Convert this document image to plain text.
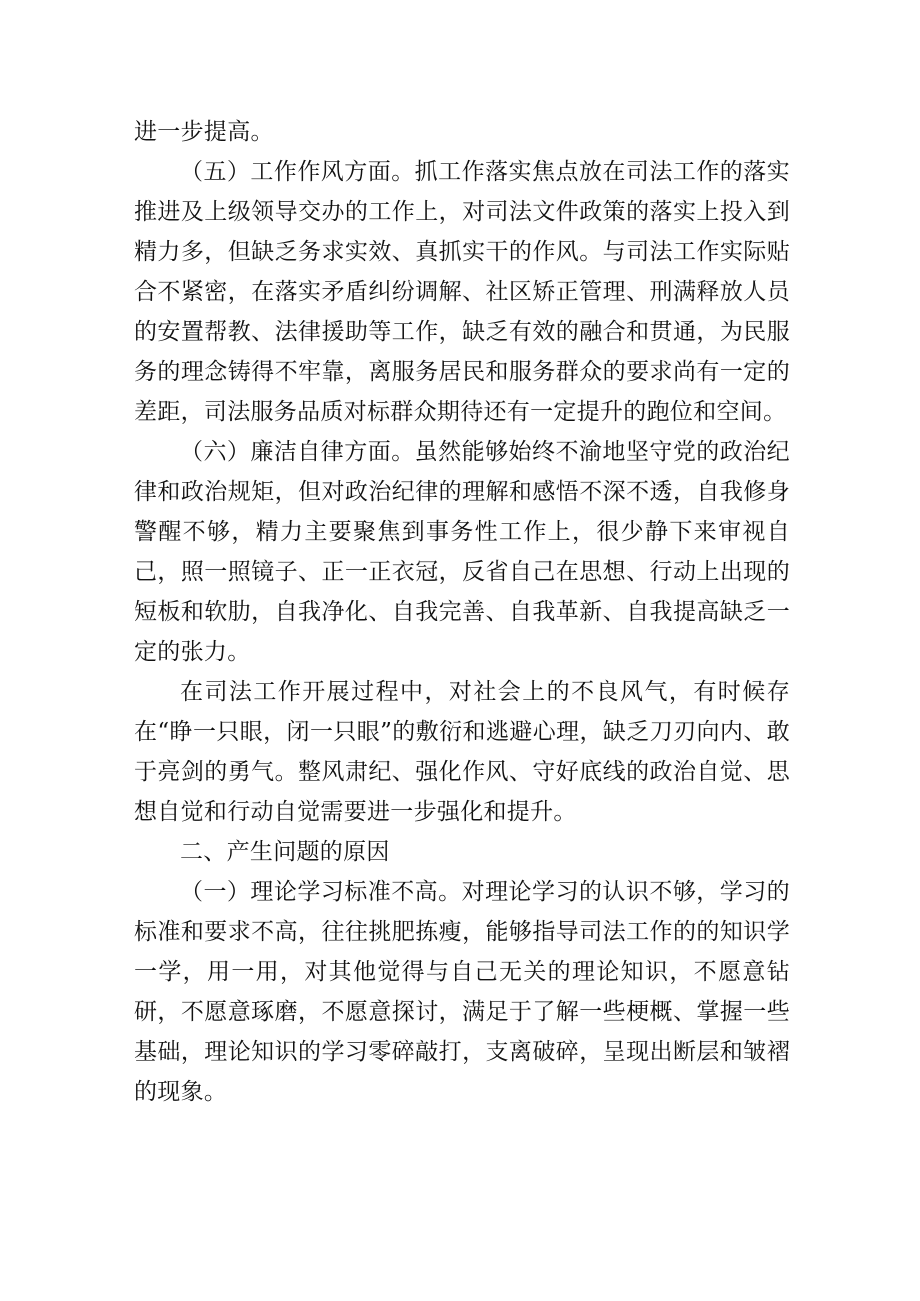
进一步提高。

（五）工作作风方面。抓工作落实焦点放在司法工作的落实推进及上级领导交办的工作上，对司法文件政策的落实上投入到精力多，但缺乏务求实效、真抓实干的作风。与司法工作实际贴合不紧密，在落实矛盾纠纷调解、社区矫正管理、刑满释放人员的安置帮教、法律援助等工作，缺乏有效的融合和贯通，为民服务的理念铸得不牢靠，离服务居民和服务群众的要求尚有一定的差距，司法服务品质对标群众期待还有一定提升的跑位和空间。

（六）廉洁自律方面。虽然能够始终不渝地坚守党的政治纪律和政治规矩，但对政治纪律的理解和感悟不深不透，自我修身警醒不够，精力主要聚焦到事务性工作上，很少静下来审视自己，照一照镜子、正一正衣冠，反省自己在思想、行动上出现的短板和软肋，自我净化、自我完善、自我革新、自我提高缺乏一定的张力。

在司法工作开展过程中，对社会上的不良风气，有时候存在“睁一只眼，闭一只眼”的敷衍和逃避心理，缺乏刀刃向内、敢于亮剑的勇气。整风肃纪、强化作风、守好底线的政治自觉、思想自觉和行动自觉需要进一步强化和提升。

二、产生问题的原因

（一）理论学习标准不高。对理论学习的认识不够，学习的标准和要求不高，往往挑肥拣瘦，能够指导司法工作的的知识学一学，用一用，对其他觉得与自己无关的理论知识，不愿意钻研，不愿意琢磨，不愿意探讨，满足于了解一些梗概、掌握一些基础，理论知识的学习零碎敲打，支离破碎，呈现出断层和皱褶的现象。
